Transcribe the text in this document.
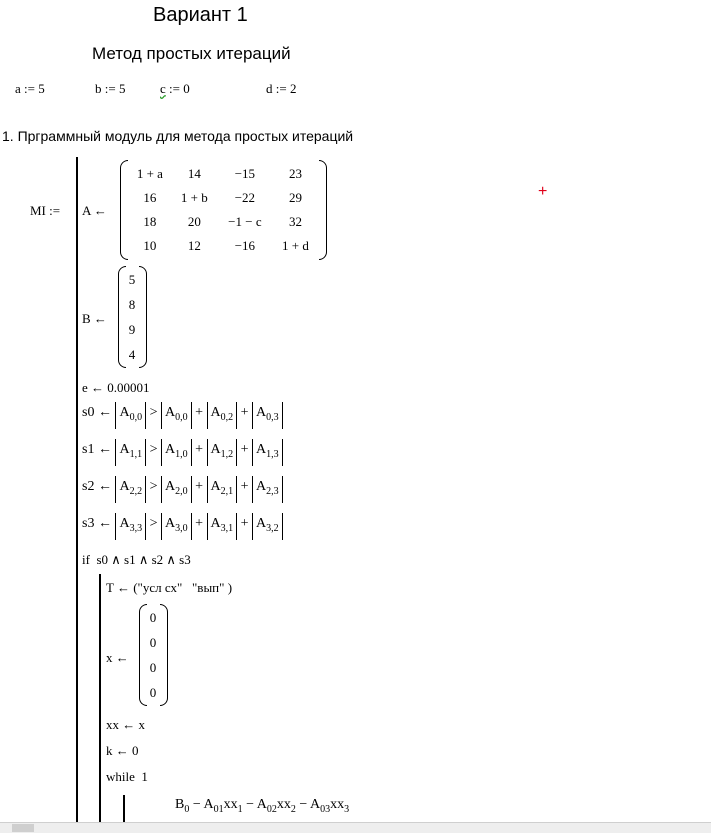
Вариант 1
Метод простых итераций
a := 5	b := 5	c := 0	d := 2
1. Прграммный модуль для метода простых итераций
+
MI := A ←
1 + a	14	−15	23
16	1 + b	−22	29
18	20	−1 − c	32
10	12	−16	1 + d
B ←
5
8
9
4
e ← 0.00001
s0 ← $A_{0,0} > A_{0,0} + A_{0,2} + A_{0,3}$
s1 ← $A_{1,1} > A_{1,0} + A_{1,2} + A_{1,3}$
s2 ← $A_{2,2} > A_{2,0} + A_{2,1} + A_{2,3}$
s3 ← $A_{3,3} > A_{3,0} + A_{3,1} + A_{3,2}$
if  s0 ∧ s1 ∧ s2 ∧ s3
T ← ("усл сх"   "вып" )
x ←
0
0
0
0
xx ← x
k ← 0
while  1
$B_0 - A_{01}xx_1 - A_{02}xx_2 - A_{03}xx_3$
